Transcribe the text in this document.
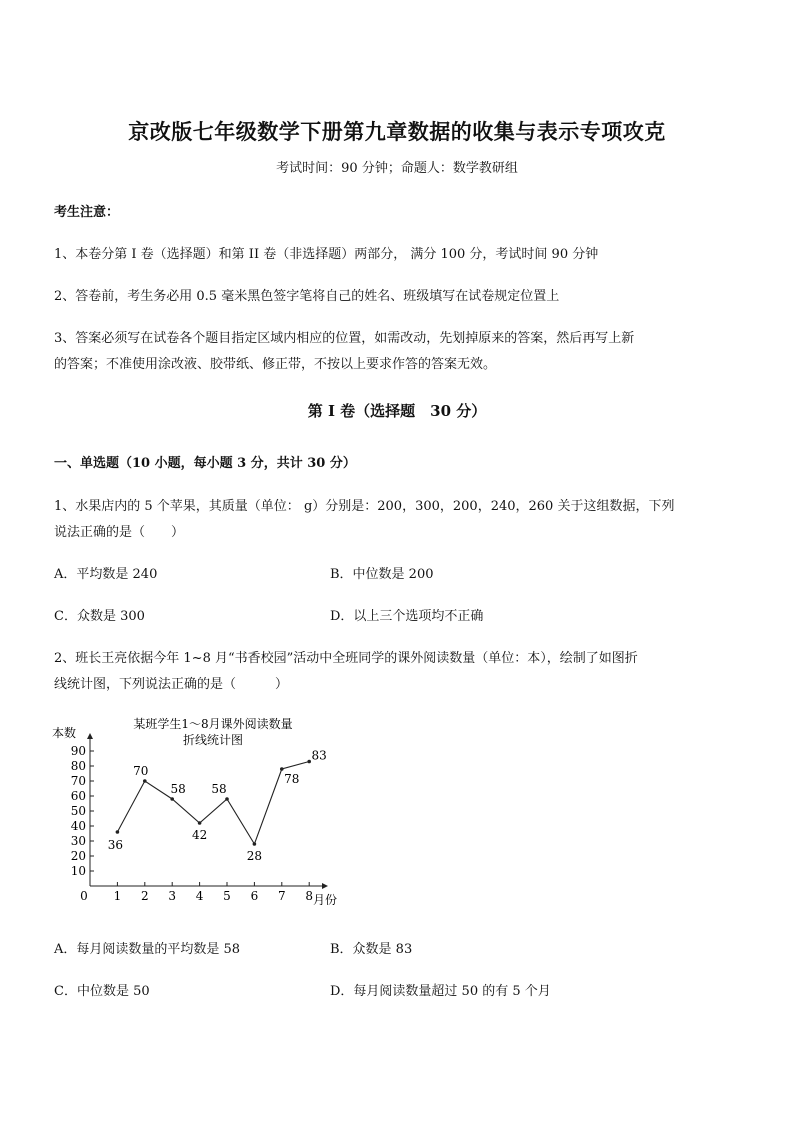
京改版七年级数学下册第九章数据的收集与表示专项攻克
考试时间：90 分钟；命题人：数学教研组
考生注意：
1、本卷分第 I 卷（选择题）和第 II 卷（非选择题）两部分， 满分 100 分，考试时间 90 分钟
2、答卷前，考生务必用 0.5 毫米黑色签字笔将自己的姓名、班级填写在试卷规定位置上
3、答案必须写在试卷各个题目指定区域内相应的位置，如需改动，先划掉原来的答案，然后再写上新
的答案；不准使用涂改液、胶带纸、修正带，不按以上要求作答的答案无效。
第 I 卷（选择题　30 分）
一、单选题（10 小题，每小题 3 分，共计 30 分）
1、水果店内的 5 个苹果，其质量（单位： g）分别是：200，300，200，240，260 关于这组数据，下列
说法正确的是（　　）
A．平均数是 240	B．中位数是 200
C．众数是 300	D．以上三个选项均不正确
2、班长王亮依据今年 1~8 月“书香校园”活动中全班同学的课外阅读数量（单位：本），绘制了如图折
线统计图，下列说法正确的是（　　　）
某班学生1～8月课外阅读数量
折线统计图
本数
月份
10
20
30
40
50
60
70
80
90
0 1 2 3 4 5 6 7 8
36
70
58
42
58
28
78
83
A．每月阅读数量的平均数是 58	B．众数是 83
C．中位数是 50	D．每月阅读数量超过 50 的有 5 个月
